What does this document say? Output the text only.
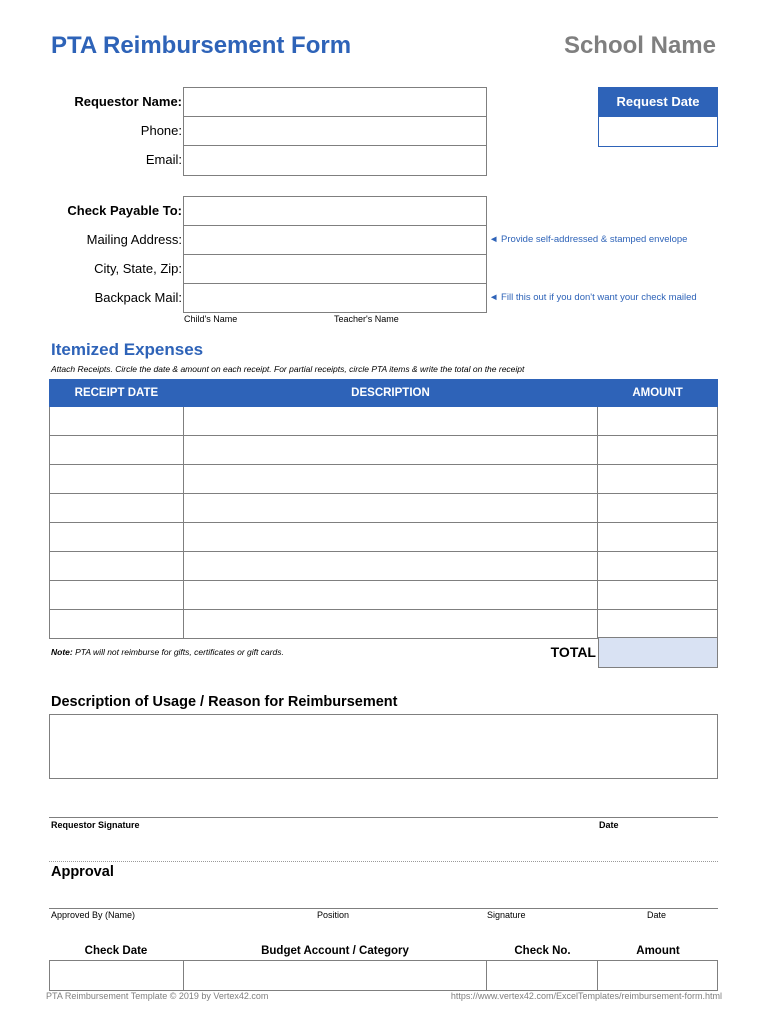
PTA Reimbursement Form	School Name
Requestor Name:
Phone:
Email:
Request Date
Check Payable To:
Mailing Address:
City, State, Zip:
Backpack Mail:
Child's Name	Teacher's Name
◄ Provide self-addressed & stamped envelope
◄ Fill this out if you don't want your check mailed
Itemized Expenses
Attach Receipts. Circle the date & amount on each receipt. For partial receipts, circle PTA items & write the total on the receipt
RECEIPT DATE	DESCRIPTION	AMOUNT

Note: PTA will not reimburse for gifts, certificates or gift cards.	TOTAL
Description of Usage / Reason for Reimbursement
Requestor Signature	Date
Approval
Approved By (Name)	Position	Signature	Date
Check Date	Budget Account / Category	Check No.	Amount

PTA Reimbursement Template © 2019 by Vertex42.com	https://www.vertex42.com/ExcelTemplates/reimbursement-form.html
